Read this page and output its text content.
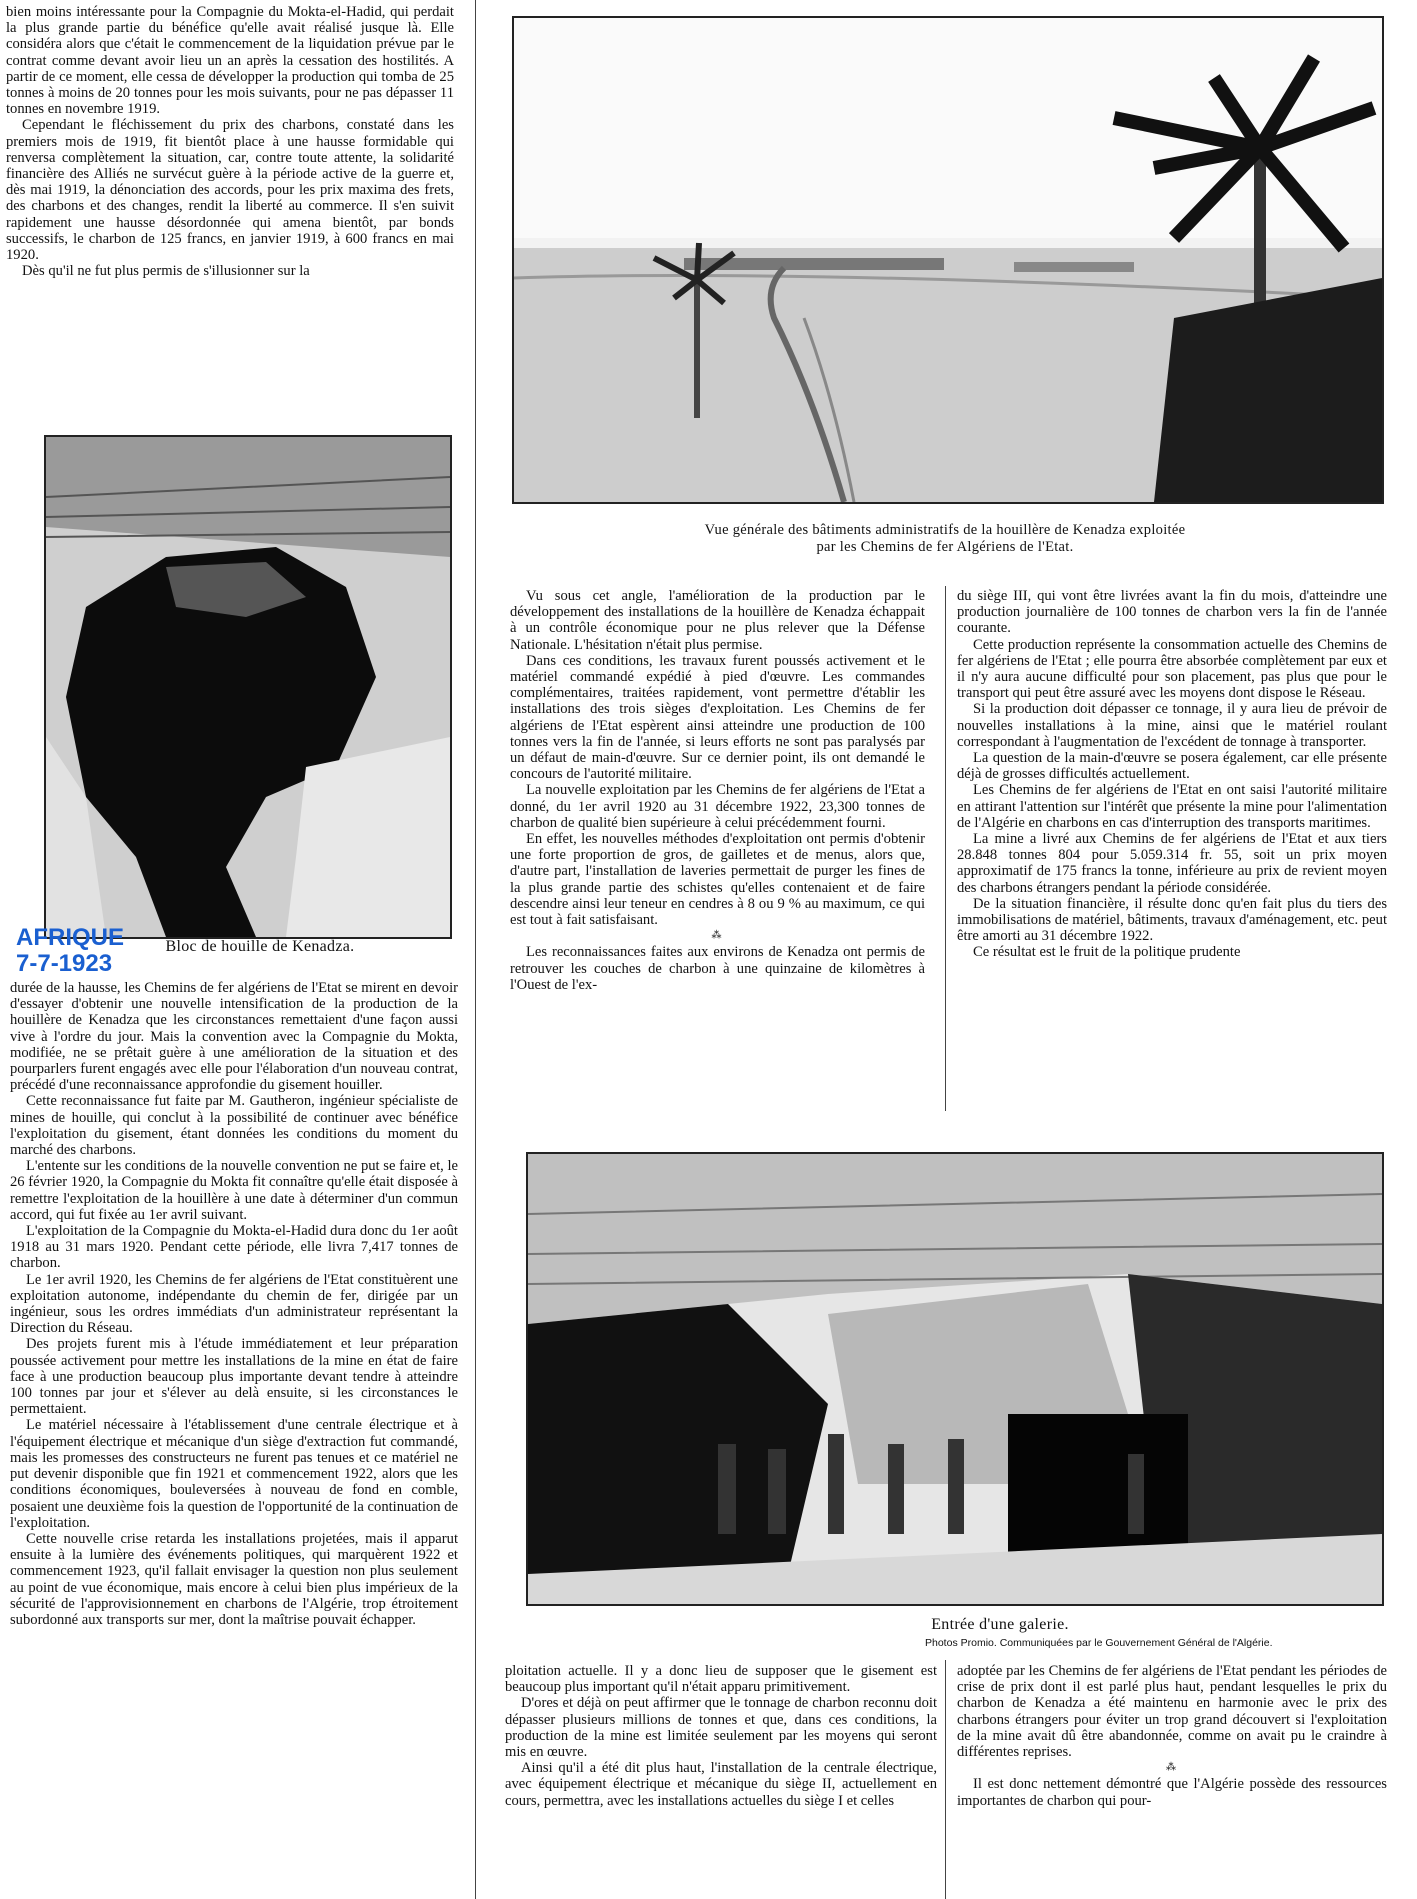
bien moins intéressante pour la Compagnie du Mokta-el-Hadid, qui perdait la plus grande partie du bénéfice qu'elle avait réalisé jusque là. Elle considéra alors que c'était le commencement de la liquidation prévue par le contrat comme devant avoir lieu un an après la cessation des hostilités. A partir de ce moment, elle cessa de développer la production qui tomba de 25 tonnes à moins de 20 tonnes pour les mois suivants, pour ne pas dépasser 11 tonnes en novembre 1919.

Cependant le fléchissement du prix des charbons, constaté dans les premiers mois de 1919, fit bientôt place à une hausse formidable qui renversa complètement la situation, car, contre toute attente, la solidarité financière des Alliés ne survécut guère à la période active de la guerre et, dès mai 1919, la dénonciation des accords, pour les prix maxima des frets, des charbons et des changes, rendit la liberté au commerce. Il s'en suivit rapidement une hausse désordonnée qui amena bientôt, par bonds successifs, le charbon de 125 francs, en janvier 1919, à 600 francs en mai 1920.

Dès qu'il ne fut plus permis de s'illusionner sur la

Bloc de houille de Kenadza.
AFRIQUE
7-7-1923

durée de la hausse, les Chemins de fer algériens de l'Etat se mirent en devoir d'essayer d'obtenir une nouvelle intensification de la production de la houillère de Kenadza que les circonstances remettaient d'une façon aussi vive à l'ordre du jour. Mais la convention avec la Compagnie du Mokta, modifiée, ne se prêtait guère à une amélioration de la situation et des pourparlers furent engagés avec elle pour l'élaboration d'un nouveau contrat, précédé d'une reconnaissance approfondie du gisement houiller.

Cette reconnaissance fut faite par M. Gautheron, ingénieur spécialiste de mines de houille, qui conclut à la possibilité de continuer avec bénéfice l'exploitation du gisement, étant données les conditions du moment du marché des charbons.

L'entente sur les conditions de la nouvelle convention ne put se faire et, le 26 février 1920, la Compagnie du Mokta fit connaître qu'elle était disposée à remettre l'exploitation de la houillère à une date à déterminer d'un commun accord, qui fut fixée au 1er avril suivant.

L'exploitation de la Compagnie du Mokta-el-Hadid dura donc du 1er août 1918 au 31 mars 1920. Pendant cette période, elle livra 7,417 tonnes de charbon.

Le 1er avril 1920, les Chemins de fer algériens de l'Etat constituèrent une exploitation autonome, indépendante du chemin de fer, dirigée par un ingénieur, sous les ordres immédiats d'un administrateur représentant la Direction du Réseau.

Des projets furent mis à l'étude immédiatement et leur préparation poussée activement pour mettre les installations de la mine en état de faire face à une production beaucoup plus importante devant tendre à atteindre 100 tonnes par jour et s'élever au delà ensuite, si les circonstances le permettaient.

Le matériel nécessaire à l'établissement d'une centrale électrique et à l'équipement électrique et mécanique d'un siège d'extraction fut commandé, mais les promesses des constructeurs ne furent pas tenues et ce matériel ne put devenir disponible que fin 1921 et commencement 1922, alors que les conditions économiques, bouleversées à nouveau de fond en comble, posaient une deuxième fois la question de l'opportunité de la continuation de l'exploitation.

Cette nouvelle crise retarda les installations projetées, mais il apparut ensuite à la lumière des événements politiques, qui marquèrent 1922 et commencement 1923, qu'il fallait envisager la question non plus seulement au point de vue économique, mais encore à celui bien plus impérieux de la sécurité de l'approvisionnement en charbons de l'Algérie, trop étroitement subordonné aux transports sur mer, dont la maîtrise pouvait échapper.

Vue générale des bâtiments administratifs de la houillère de Kenadza exploitée
par les Chemins de fer Algériens de l'Etat.

Vu sous cet angle, l'amélioration de la production par le développement des installations de la houillère de Kenadza échappait à un contrôle économique pour ne plus relever que la Défense Nationale. L'hésitation n'était plus permise.

Dans ces conditions, les travaux furent poussés activement et le matériel commandé expédié à pied d'œuvre. Les commandes complémentaires, traitées rapidement, vont permettre d'établir les installations des trois sièges d'exploitation. Les Chemins de fer algériens de l'Etat espèrent ainsi atteindre une production de 100 tonnes vers la fin de l'année, si leurs efforts ne sont pas paralysés par un défaut de main-d'œuvre. Sur ce dernier point, ils ont demandé le concours de l'autorité militaire.

La nouvelle exploitation par les Chemins de fer algériens de l'Etat a donné, du 1er avril 1920 au 31 décembre 1922, 23,300 tonnes de charbon de qualité bien supérieure à celui précédemment fourni.

En effet, les nouvelles méthodes d'exploitation ont permis d'obtenir une forte proportion de gros, de gailletes et de menus, alors que, d'autre part, l'installation de laveries permettait de purger les fines de la plus grande partie des schistes qu'elles contenaient et de faire descendre ainsi leur teneur en cendres à 8 ou 9 % au maximum, ce qui est tout à fait satisfaisant.

⁂

Les reconnaissances faites aux environs de Kenadza ont permis de retrouver les couches de charbon à une quinzaine de kilomètres à l'Ouest de l'ex-

du siège III, qui vont être livrées avant la fin du mois, d'atteindre une production journalière de 100 tonnes de charbon vers la fin de l'année courante.

Cette production représente la consommation actuelle des Chemins de fer algériens de l'Etat ; elle pourra être absorbée complètement par eux et il n'y aura aucune difficulté pour son placement, pas plus que pour le transport qui peut être assuré avec les moyens dont dispose le Réseau.

Si la production doit dépasser ce tonnage, il y aura lieu de prévoir de nouvelles installations à la mine, ainsi que le matériel roulant correspondant à l'augmentation de l'excédent de tonnage à transporter.

La question de la main-d'œuvre se posera également, car elle présente déjà de grosses difficultés actuellement.

Les Chemins de fer algériens de l'Etat en ont saisi l'autorité militaire en attirant l'attention sur l'intérêt que présente la mine pour l'alimentation de l'Algérie en charbons en cas d'interruption des transports maritimes.

La mine a livré aux Chemins de fer algériens de l'Etat et aux tiers 28.848 tonnes 804 pour 5.059.314 fr. 55, soit un prix moyen approximatif de 175 francs la tonne, inférieure au prix de revient moyen des charbons étrangers pendant la période considérée.

De la situation financière, il résulte donc qu'en fait plus du tiers des immobilisations de matériel, bâtiments, travaux d'aménagement, etc. peut être amorti au 31 décembre 1922.

Ce résultat est le fruit de la politique prudente

Entrée d'une galerie.
Photos Promio. Communiquées par le Gouvernement Général de l'Algérie.

ploitation actuelle. Il y a donc lieu de supposer que le gisement est beaucoup plus important qu'il n'était apparu primitivement.

D'ores et déjà on peut affirmer que le tonnage de charbon reconnu doit dépasser plusieurs millions de tonnes et que, dans ces conditions, la production de la mine est limitée seulement par les moyens qui seront mis en œuvre.

Ainsi qu'il a été dit plus haut, l'installation de la centrale électrique, avec équipement électrique et mécanique du siège II, actuellement en cours, permettra, avec les installations actuelles du siège I et celles

adoptée par les Chemins de fer algériens de l'Etat pendant les périodes de crise de prix dont il est parlé plus haut, pendant lesquelles le prix du charbon de Kenadza a été maintenu en harmonie avec le prix des charbons étrangers pour éviter un trop grand découvert si l'exploitation de la mine avait dû être abandonnée, comme on avait pu le craindre à différentes reprises.

⁂

Il est donc nettement démontré que l'Algérie possède des ressources importantes de charbon qui pour-
